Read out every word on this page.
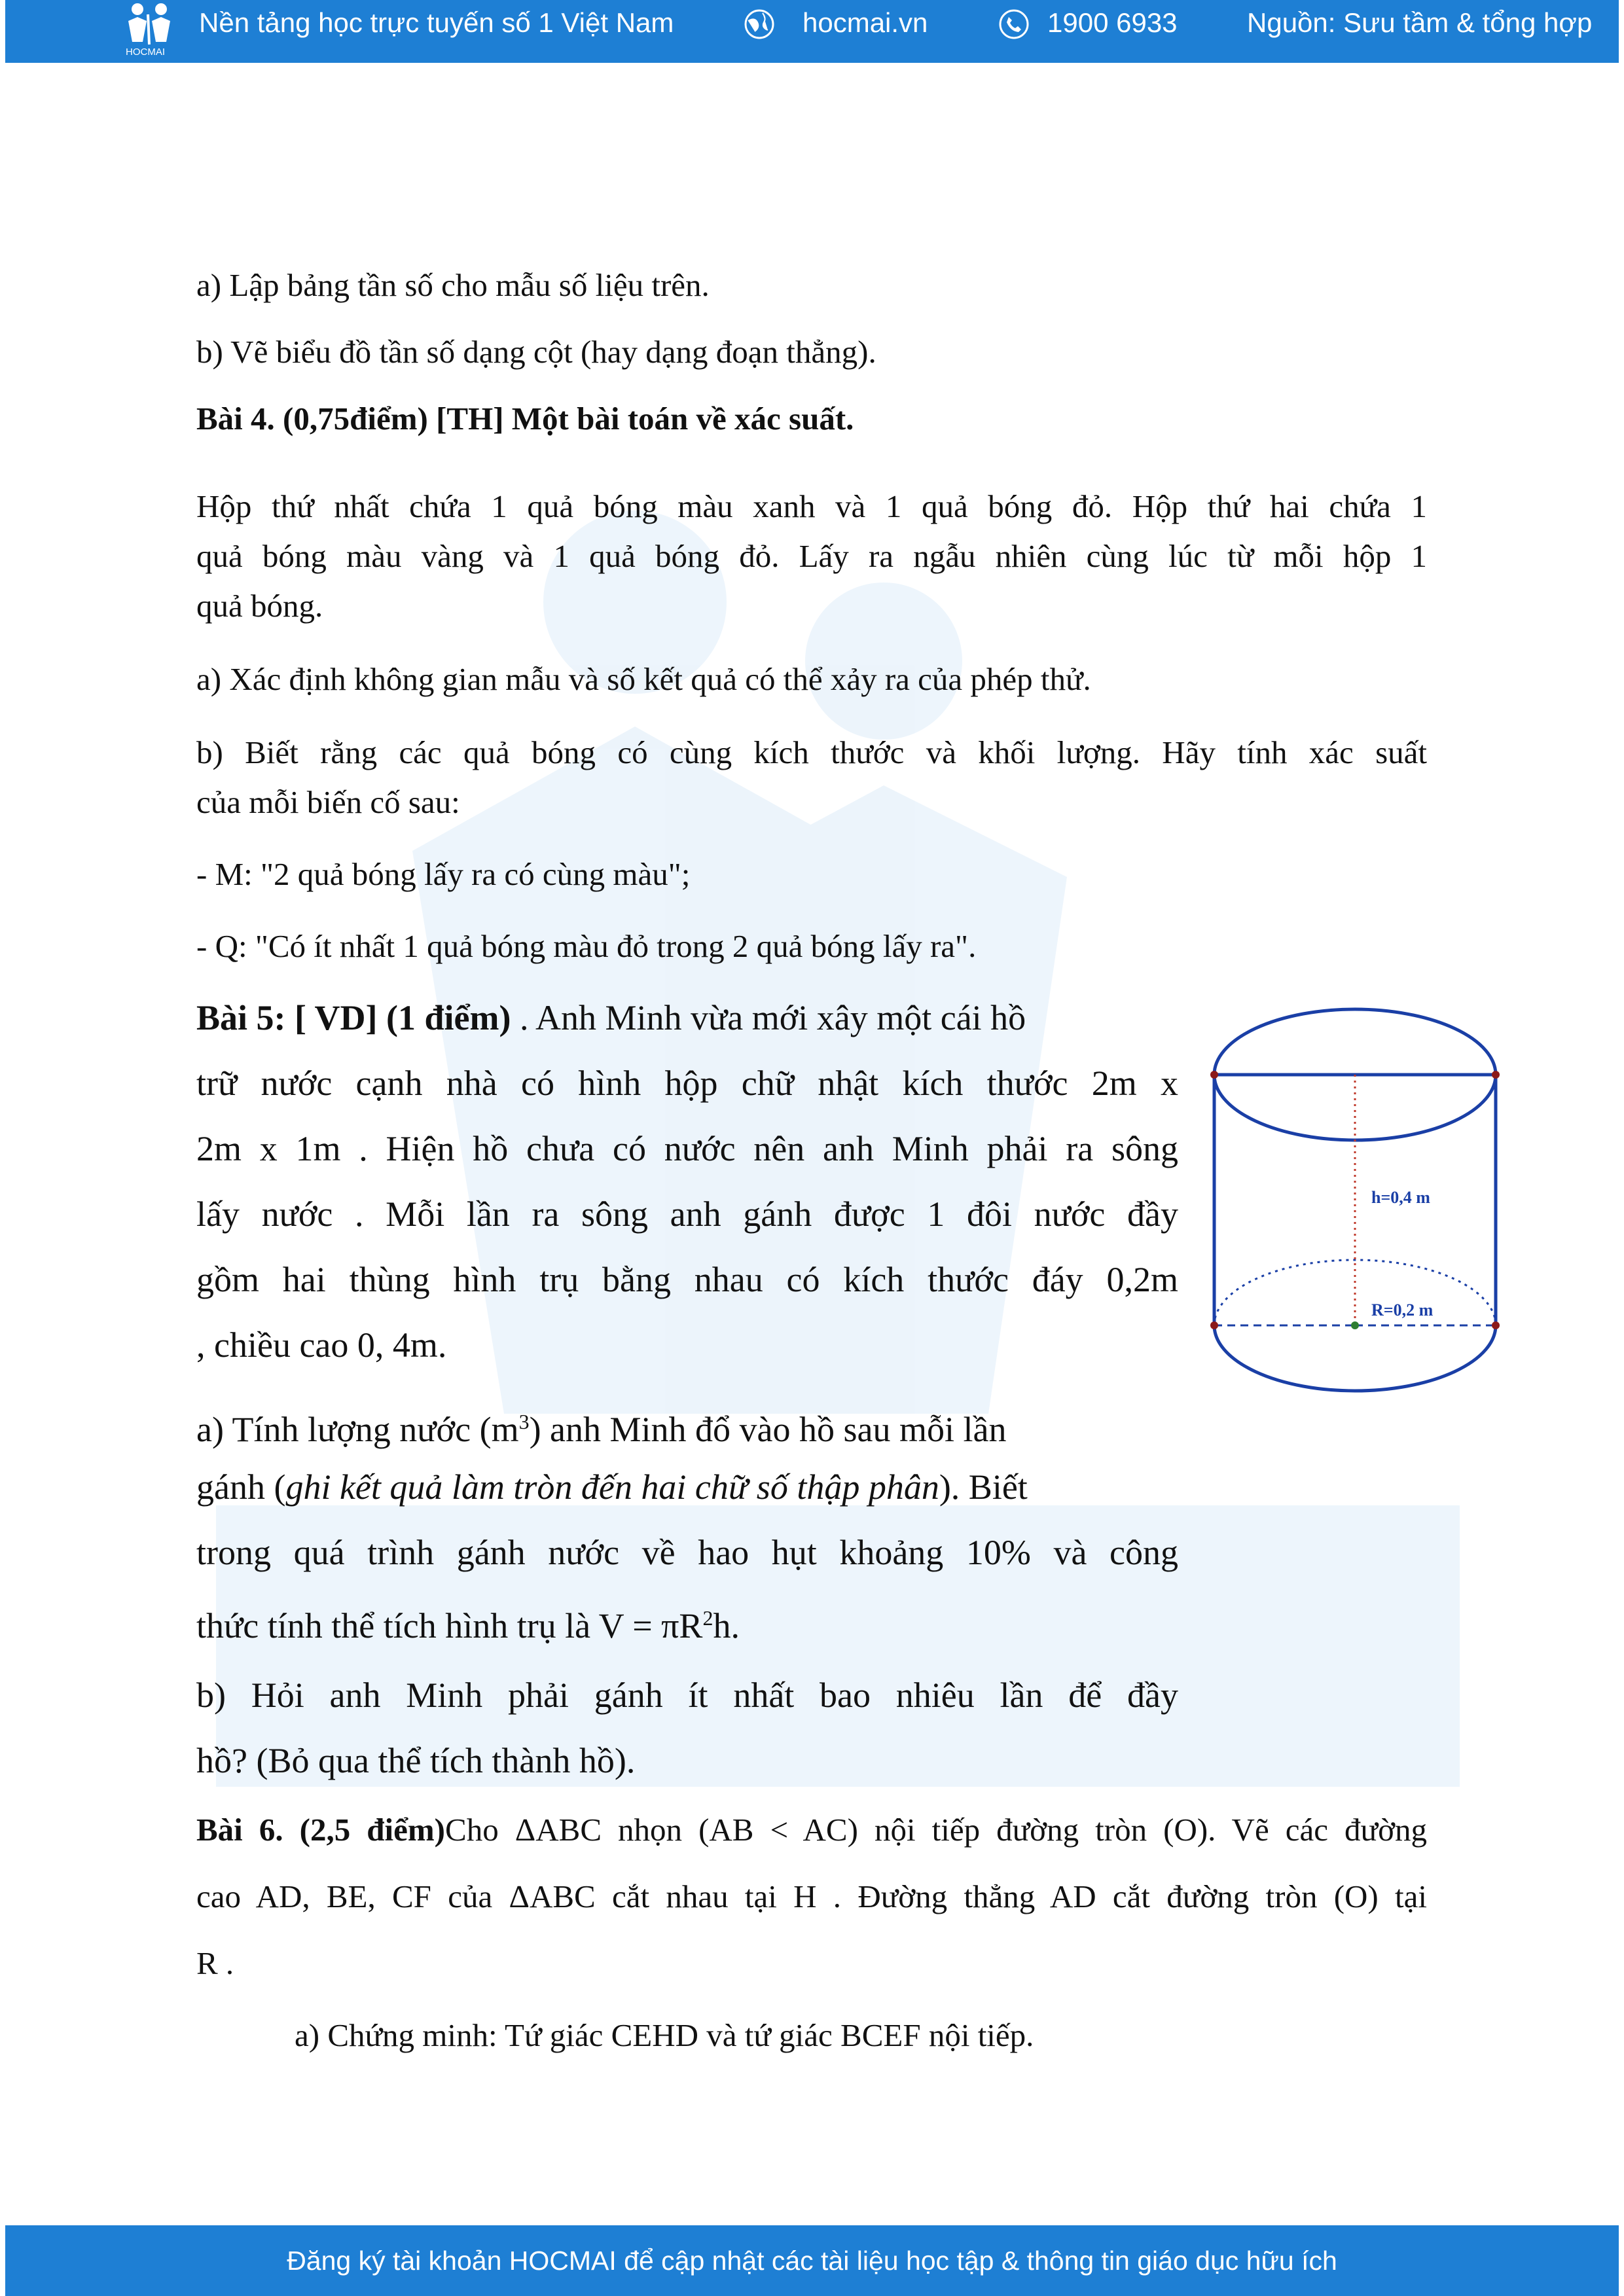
HOCMAI
Nền tảng học trực tuyến số 1 Việt Nam	hocmai.vn	1900 6933	Nguồn: Sưu tầm & tổng hợp
a) Lập bảng tần số cho mẫu số liệu trên.
b) Vẽ biểu đồ tần số dạng cột (hay dạng đoạn thẳng).
Bài 4. (0,75điểm) [TH] Một bài toán về xác suất.
Hộp thứ nhất chứa 1 quả bóng màu xanh và 1 quả bóng đỏ. Hộp thứ hai chứa 1
quả bóng màu vàng và 1 quả bóng đỏ. Lấy ra ngẫu nhiên cùng lúc từ mỗi hộp 1
quả bóng.
a) Xác định không gian mẫu và số kết quả có thể xảy ra của phép thử.
b) Biết rằng các quả bóng có cùng kích thước và khối lượng. Hãy tính xác suất
của mỗi biến cố sau:
- M: "2 quả bóng lấy ra có cùng màu";
- Q: "Có ít nhất 1 quả bóng màu đỏ trong 2 quả bóng lấy ra".
Bài 5: [ VD] (1 điểm) . Anh Minh vừa mới xây một cái hồ
trữ nước cạnh nhà có hình hộp chữ nhật kích thước 2m x
2m x 1m . Hiện hồ chưa có nước nên anh Minh phải ra sông
lấy nước . Mỗi lần ra sông anh gánh được 1 đôi nước đầy
gồm hai thùng hình trụ bằng nhau có kích thước đáy 0,2m
, chiều cao 0, 4m.
a) Tính lượng nước $(m^3)$ anh Minh đổ vào hồ sau mỗi lần
gánh (ghi kết quả làm tròn đến hai chữ số thập phân). Biết
trong quá trình gánh nước về hao hụt khoảng 10% và công
thức tính thể tích hình trụ là $V = \pi R^2h$.
b) Hỏi anh Minh phải gánh ít nhất bao nhiêu lần để đầy
hồ? (Bỏ qua thể tích thành hồ).
h=0,4 m
R=0,2 m
Bài 6. (2,5 điểm)Cho ΔABC nhọn (AB < AC) nội tiếp đường tròn (O). Vẽ các đường
cao AD, BE, CF của ΔABC cắt nhau tại H . Đường thẳng AD cắt đường tròn (O) tại
R .
a) Chứng minh: Tứ giác CEHD và tứ giác BCEF nội tiếp.
Đăng ký tài khoản HOCMAI để cập nhật các tài liệu học tập & thông tin giáo dục hữu ích
